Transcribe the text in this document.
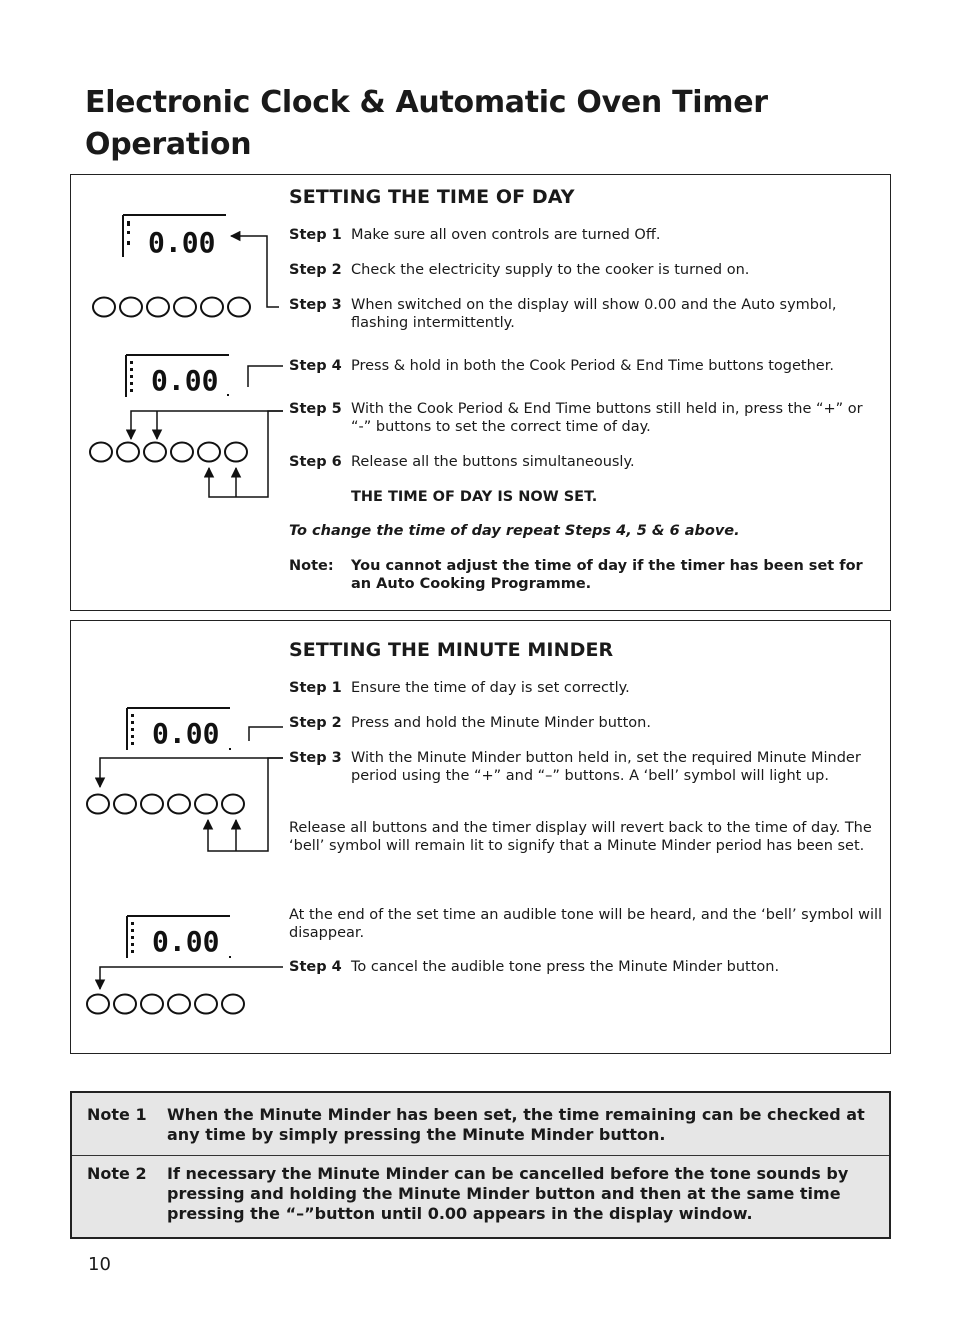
Electronic Clock & Automatic Oven Timer Operation
0.00
0.00
SETTING THE TIME OF DAY
Step 1 Make sure all oven controls are turned Off.
Step 2 Check the electricity supply to the cooker is turned on.
Step 3 When switched on the display will show 0.00 and the Auto symbol, flashing intermittently.
Step 4 Press & hold in both the Cook Period & End Time buttons together.
Step 5 With the Cook Period & End Time buttons still held in, press the “+” or “-” buttons to set the correct time of day.
Step 6 Release all the buttons simultaneously.
THE TIME OF DAY IS NOW SET.
To change the time of day repeat Steps 4, 5 & 6 above.
Note:	You cannot adjust the time of day if the timer has been set for an Auto Cooking Programme.
0.00
0.00
SETTING THE MINUTE MINDER
Step 1 Ensure the time of day is set correctly.
Step 2 Press and hold the Minute Minder button.
Step 3 With the Minute Minder button held in, set the required Minute Minder period using the “+” and “–” buttons. A ‘bell’ symbol will light up.
Release all buttons and the timer display will revert back to the time of day. The ‘bell’ symbol will remain lit to signify that a Minute Minder period has been set.
At the end of the set time an audible tone will be heard, and the ‘bell’ symbol will disappear.
Step 4 To cancel the audible tone press the Minute Minder button.
Note 1	When the Minute Minder has been set, the time remaining can be checked at any time by simply pressing the Minute Minder button.
Note 2	If necessary the Minute Minder can be cancelled before the tone sounds by pressing and holding the Minute Minder button and then at the same time pressing the “–”button until 0.00 appears in the display window.
10
